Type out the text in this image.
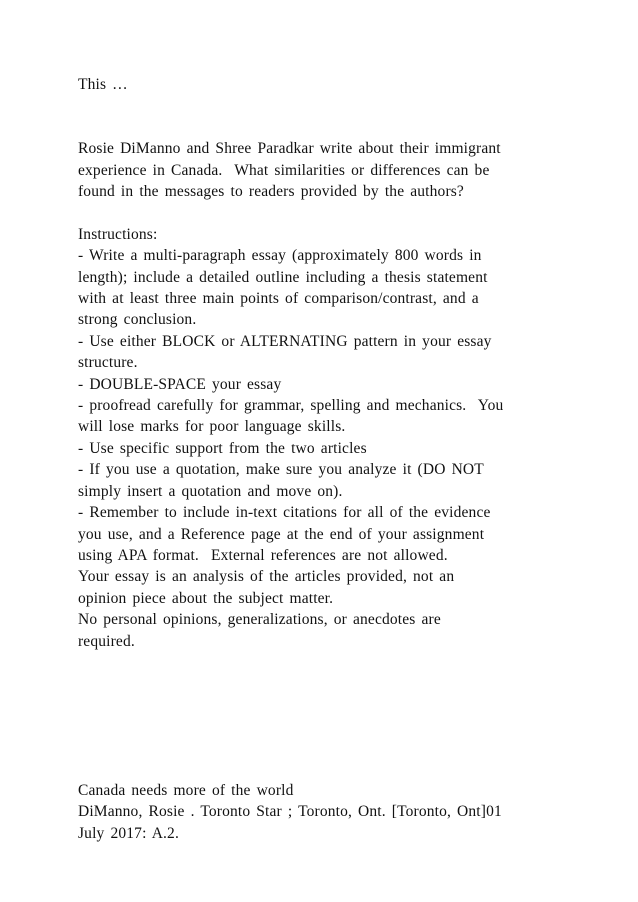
This …
Rosie DiManno and Shree Paradkar write about their immigrant
experience in Canada.  What similarities or differences can be
found in the messages to readers provided by the authors?
Instructions:
- Write a multi-paragraph essay (approximately 800 words in
length); include a detailed outline including a thesis statement
with at least three main points of comparison/contrast, and a
strong conclusion.
- Use either BLOCK or ALTERNATING pattern in your essay
structure.
- DOUBLE-SPACE your essay
- proofread carefully for grammar, spelling and mechanics.  You
will lose marks for poor language skills.
- Use specific support from the two articles
- If you use a quotation, make sure you analyze it (DO NOT
simply insert a quotation and move on).
- Remember to include in-text citations for all of the evidence
you use, and a Reference page at the end of your assignment
using APA format.  External references are not allowed.
Your essay is an analysis of the articles provided, not an
opinion piece about the subject matter.
No personal opinions, generalizations, or anecdotes are
required.
Canada needs more of the world
DiManno, Rosie . Toronto Star ; Toronto, Ont. [Toronto, Ont]01
July 2017: A.2.
